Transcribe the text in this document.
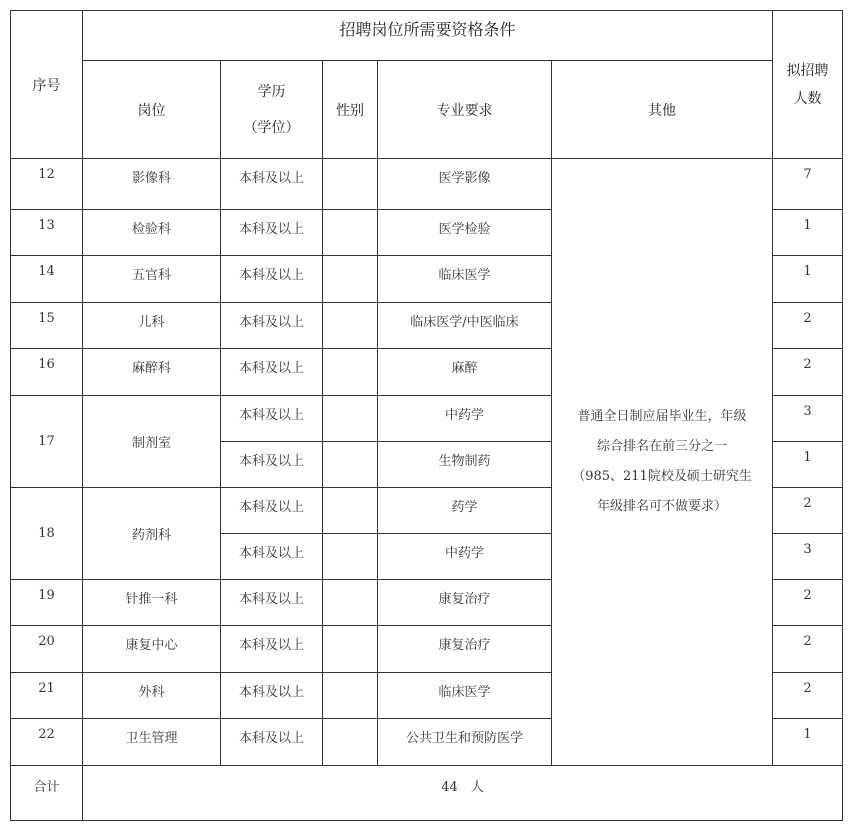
序号	招聘岗位所需要资格条件					拟招聘
人数

	岗位	学历
（学位）	性别	专业要求	其他	
12	影像科	本科及以上		医学影像	普通全日制应届毕业生，年级
综合排名在前三分之一
（985、211院校及硕士研究生
年级排名可不做要求）	7
13	检验科	本科及以上		医学检验		1
14	五官科	本科及以上		临床医学		1
15	儿科	本科及以上		临床医学/中医临床		2
16	麻醉科	本科及以上		麻醉		2
17	制剂室	本科及以上		中药学		3
		本科及以上		生物制药		1
18	药剂科	本科及以上		药学		2
		本科及以上		中药学		3
19	针推一科	本科及以上		康复治疗		2
20	康复中心	本科及以上		康复治疗		2
21	外科	本科及以上		临床医学		2
22	卫生管理	本科及以上		公共卫生和预防医学		1
合计	44　人					
